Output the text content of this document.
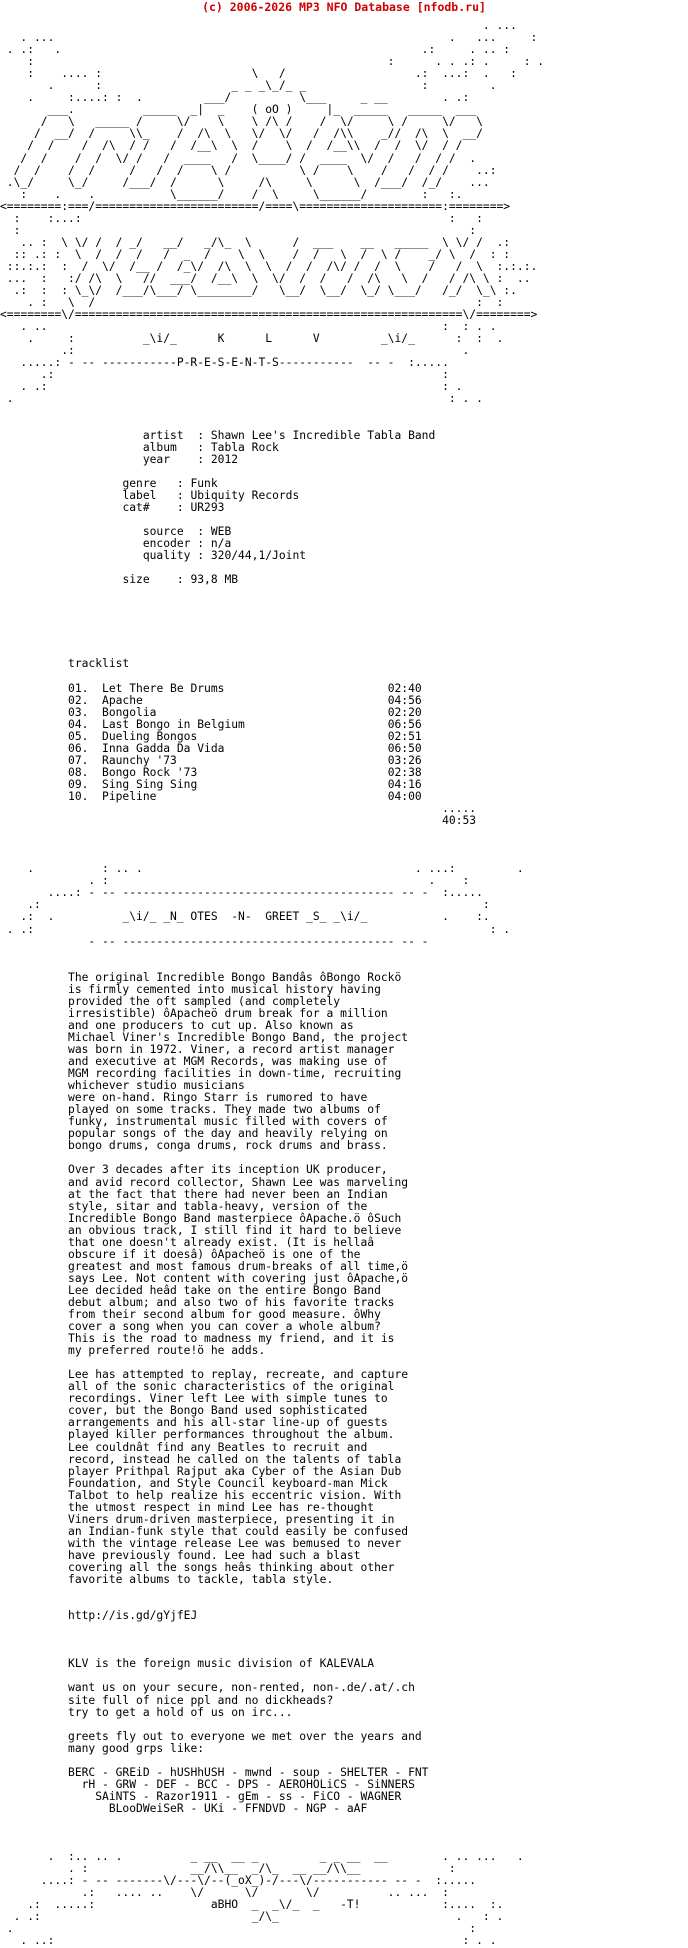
(c) 2006-2026 MP3 NFO Database [nfodb.ru]
. ...
. ...                                                          .   ...     :
. .:   .                                                     .:     . .. :
:                                                    :      . . .: .     : .
:    .... :                      \   /                   .:  ...:  .   :
.      :                   _ _ _\_/_ _                 :         .
.     :....: :  .         ___/          \___     _ __        . .:
___.          _____  _|  _    ( oO )     |_  _____   _____  ___
/   \   _____ /     \/    \    \ /\ /    /  \/     \ /     \/   \
/  __/  /     \\_    /  /\  \   \/  \/   /  /\\    _//  /\  \  __/
/  /    /  /\  / /   /  /__\  \  /    \  /  /__\\  /  /  \/  / /
/  /    /  /  \/ /   /  ____   /  \____/ /  ____  \/  /   /  / /  .
/  /    /  /     /   /  /    \ /          \ /    \    /   /  / /    ..:
.\_/     \_/     /___/  /      \     /\     \      \  /___/  /_/    ...
:    .    .           \______/    /  \     \______/        :   :.
<========:===/========================/====\=====================:========>
:    :...:                                                      :   :
:                                                                  :
.. :  \ \/ /  / _/   __/   _/\_  \      /  ___    __   _____  \ \/ /  .:
:: .: :  \  /  /  /   /  _  /    \  \    /  /   \  /  \ /    _/ \  /  : :
::.:.:  :  /  \/  /__ /  /_\/  /\  \  \  /  /  /\/ /  /  \    /   /  \  :.:.:.
...  :   :/ /\  \   //  ___/  /__\  \  \/  /  /   /  /\   \  /   / /\ \ :  ..
.:  :  : \_\/  /___/\___/ \________/   \__/  \__/  \_/ \___/   /_/  \_\ :.
. :   \  /                                                        :  :
<========\/=========================================================\/========>
. ..                                                          :  : . .
.     :          _\i/_      K      L      V         _\i/_      :  :  .
.:                                                         .
.....: - -- -----------P-R-E-S-E-N-T-S-----------  -- -  :.....
.:                                                         :
. .:                                                          : .
.                                                                : . .

artist  : Shawn Lee's Incredible Tabla Band
album   : Tabla Rock
year    : 2012

genre   : Funk
label   : Ubiquity Records
cat#    : UR293

source  : WEB
encoder : n/a
quality : 320/44,1/Joint

size    : 93,8 MB

tracklist

01. Let There Be Drums	02:40
02. Apache	04:56
03. Bongolia	02:20
04. Last Bongo in Belgium	06:56
05. Dueling Bongos	02:51
06. Inna Gadda Da Vida	06:50
07. Raunchy '73	03:26
08. Bongo Rock '73	02:38
09. Sing Sing Sing	04:16
10. Pipeline	04:00
.....
40:53

.          : .. .                                        . ...:         .
. :                                               .    :
....: - -- ---------------------------------------- -- -  :.....
.:                                                                 :
.:  .          _\i/_ _N_ OTES  -N-  GREET _S_ _\i/_           .    :.
. .:                                                                   : .
- -- ---------------------------------------- -- -

The original Incredible Bongo Bandâs ôBongo Rockö
is firmly cemented into musical history having
provided the oft sampled (and completely
irresistible) ôApacheö drum break for a million
and one producers to cut up. Also known as
Michael Viner's Incredible Bongo Band, the project
was born in 1972. Viner, a record artist manager
and executive at MGM Records, was making use of
MGM recording facilities in down-time, recruiting
whichever studio musicians
were on-hand. Ringo Starr is rumored to have
played on some tracks. They made two albums of
funky, instrumental music filled with covers of
popular songs of the day and heavily relying on
bongo drums, conga drums, rock drums and brass.

Over 3 decades after its inception UK producer,
and avid record collector, Shawn Lee was marveling
at the fact that there had never been an Indian
style, sitar and tabla-heavy, version of the
Incredible Bongo Band masterpiece ôApache.ö ôSuch
an obvious track, I still find it hard to believe
that one doesn't already exist. (It is hellaâ
obscure if it doesâ) ôApacheö is one of the
greatest and most famous drum-breaks of all time,ö
says Lee. Not content with covering just ôApache,ö
Lee decided heâd take on the entire Bongo Band
debut album; and also two of his favorite tracks
from their second album for good measure. ôWhy
cover a song when you can cover a whole album?
This is the road to madness my friend, and it is
my preferred route!ö he adds.

Lee has attempted to replay, recreate, and capture
all of the sonic characteristics of the original
recordings. Viner left Lee with simple tunes to
cover, but the Bongo Band used sophisticated
arrangements and his all-star line-up of guests
played killer performances throughout the album.
Lee couldnât find any Beatles to recruit and
record, instead he called on the talents of tabla
player Prithpal Rajput aka Cyber of the Asian Dub
Foundation, and Style Council keyboard-man Mick
Talbot to help realize his eccentric vision. With
the utmost respect in mind Lee has re-thought
Viners drum-driven masterpiece, presenting it in
an Indian-funk style that could easily be confused
with the vintage release Lee was bemused to never
have previously found. Lee had such a blast
covering all the songs heâs thinking about other
favorite albums to tackle, tabla style.

http://is.gd/gYjfEJ

KLV is the foreign music division of KALEVALA

want us on your secure, non-rented, non-.de/.at/.ch
site full of nice ppl and no dickheads?
try to get a hold of us on irc...

greets fly out to everyone we met over the years and
many good grps like:

BERC - GREiD - hUSHhUSH - mwnd - soup - SHELTER - FNT
rH - GRW - DEF - BCC - DPS - AEROHOLiCS - SiNNERS
SAiNTS - Razor1911 - gEm - ss - FiCO - WAGNER
BLooDWeiSeR - UKi - FFNDVD - NGP - aAF

.  :.. .. .          _ __  __ _         _ _ __  __        . .. ...   .
. :               __/\\__  _/\_  __ __/\\__             :
....: - -- -------\/---\/--(_oX_)-/---\/----------- -- -  :.....
.:   .... ..    \/      \/       \/          .. ...  :
.:  .....:                 aBHO  _  _\/_  _   -T!            :....  :.
. .:                               _/\_                          .   : .
.                                                                   :
. ..:                                                            : . .
